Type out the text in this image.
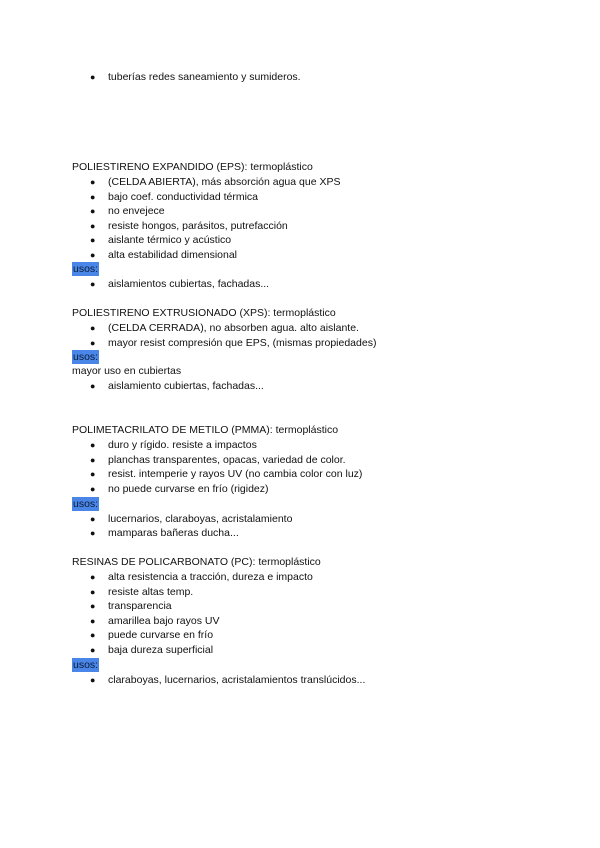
● tuberías redes saneamiento y sumideros.
POLIESTIRENO EXPANDIDO (EPS): termoplástico
● (CELDA ABIERTA), más absorción agua que XPS
● bajo coef. conductividad térmica
● no envejece
● resiste hongos, parásitos, putrefacción
● aislante térmico y acústico
● alta estabilidad dimensional
usos:
● aislamientos cubiertas, fachadas...
POLIESTIRENO EXTRUSIONADO (XPS): termoplástico
● (CELDA CERRADA), no absorben agua. alto aislante.
● mayor resist compresión que EPS, (mismas propiedades)
usos:
mayor uso en cubiertas
● aislamiento cubiertas, fachadas...
POLIMETACRILATO DE METILO (PMMA): termoplástico
● duro y rígido. resiste a impactos
● planchas transparentes, opacas, variedad de color.
● resist. intemperie y rayos UV (no cambia color con luz)
● no puede curvarse en frío (rigidez)
usos:
● lucernarios, claraboyas, acristalamiento
● mamparas bañeras ducha...
RESINAS DE POLICARBONATO (PC): termoplástico
● alta resistencia a tracción, dureza e impacto
● resiste altas temp.
● transparencia
● amarillea bajo rayos UV
● puede curvarse en frío
● baja dureza superficial
usos:
● claraboyas, lucernarios, acristalamientos translúcidos...
